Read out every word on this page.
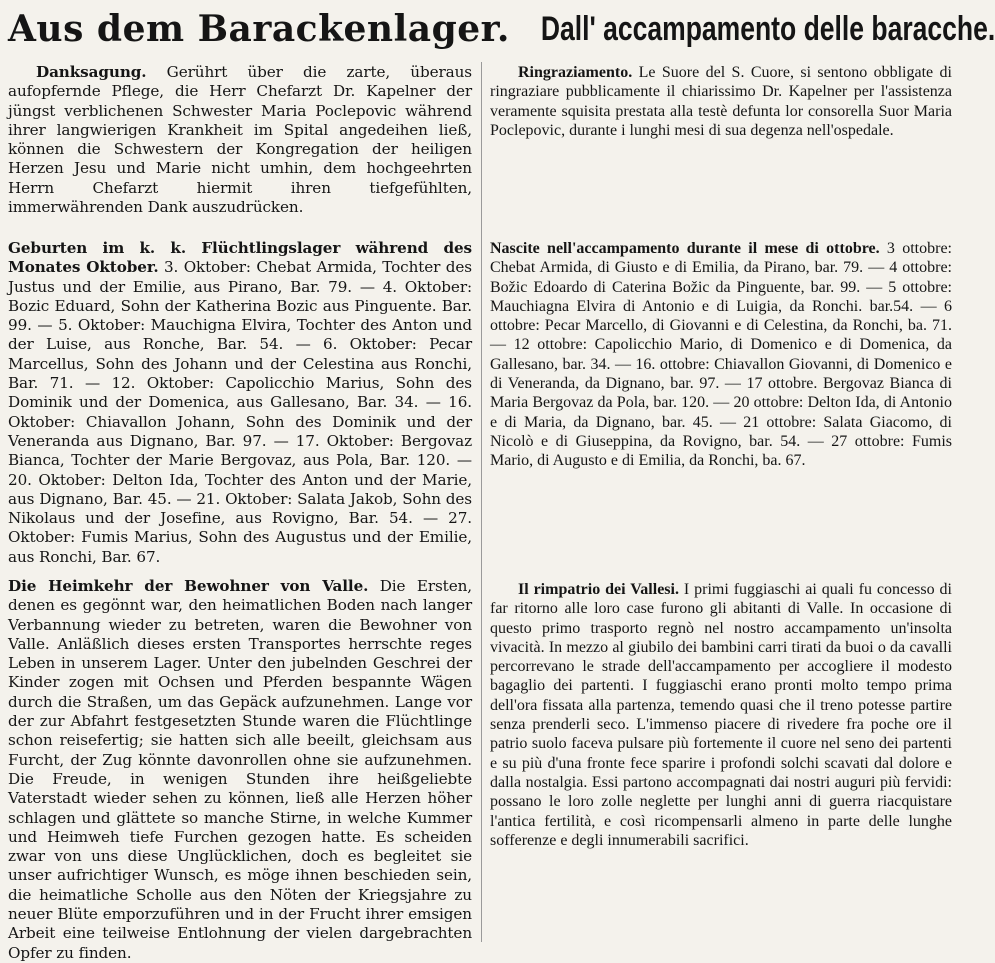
Aus dem Barackenlager.

Danksagung. Gerührt über die zarte, überaus aufopfernde Pflege, die Herr Chefarzt Dr. Kapelner der jüngst verblichenen Schwester Maria Poclepovic während ihrer langwierigen Krankheit im Spital angedeihen ließ, können die Schwestern der Kongregation der heiligen Herzen Jesu und Marie nicht umhin, dem hochgeehrten Herrn Chefarzt hiermit ihren tiefgefühlten, immerwährenden Dank auszudrücken.

Geburten im k. k. Flüchtlingslager während des Monates Oktober. 3. Oktober: Chebat Armida, Tochter des Justus und der Emilie, aus Pirano, Bar. 79. — 4. Oktober: Bozic Eduard, Sohn der Katherina Bozic aus Pinguente. Bar. 99. — 5. Oktober: Mauchigna Elvira, Tochter des Anton und der Luise, aus Ronche, Bar. 54. — 6. Oktober: Pecar Marcellus, Sohn des Johann und der Celestina aus Ronchi, Bar. 71. — 12. Oktober: Capolicchio Marius, Sohn des Dominik und der Domenica, aus Gallesano, Bar. 34. — 16. Oktober: Chiavallon Johann, Sohn des Dominik und der Veneranda aus Dignano, Bar. 97. — 17. Oktober: Bergovaz Bianca, Tochter der Marie Bergovaz, aus Pola, Bar. 120. — 20. Oktober: Delton Ida, Tochter des Anton und der Marie, aus Dignano, Bar. 45. — 21. Oktober: Salata Jakob, Sohn des Nikolaus und der Josefine, aus Rovigno, Bar. 54. — 27. Oktober: Fumis Marius, Sohn des Augustus und der Emilie, aus Ronchi, Bar. 67.

Die Heimkehr der Bewohner von Valle. Die Ersten, denen es gegönnt war, den heimatlichen Boden nach langer Verbannung wieder zu betreten, waren die Bewohner von Valle. Anläßlich dieses ersten Transportes herrschte reges Leben in unserem Lager. Unter den jubelnden Geschrei der Kinder zogen mit Ochsen und Pferden bespannte Wägen durch die Straßen, um das Gepäck aufzunehmen. Lange vor der zur Abfahrt festgesetzten Stunde waren die Flüchtlinge schon reisefertig; sie hatten sich alle beeilt, gleichsam aus Furcht, der Zug könnte davonrollen ohne sie aufzunehmen. Die Freude, in wenigen Stunden ihre heißgeliebte Vaterstadt wieder sehen zu können, ließ alle Herzen höher schlagen und glättete so manche Stirne, in welche Kummer und Heimweh tiefe Furchen gezogen hatte. Es scheiden zwar von uns diese Unglücklichen, doch es begleitet sie unser aufrichtiger Wunsch, es möge ihnen beschieden sein, die heimatliche Scholle aus den Nöten der Kriegsjahre zu neuer Blüte emporzuführen und in der Frucht ihrer emsigen Arbeit eine teilweise Entlohnung der vielen dargebrachten Opfer zu finden.

Dall' accampamento delle baracche.

Ringraziamento. Le Suore del S. Cuore, si sentono obbligate di ringraziare pubblicamente il chiarissimo Dr. Kapelner per l'assistenza veramente squisita prestata alla testè defunta lor consorella Suor Maria Poclepovic, durante i lunghi mesi di sua degenza nell'ospedale.

Nascite nell'accampamento durante il mese di ottobre. 3 ottobre: Chebat Armida, di Giusto e di Emilia, da Pirano, bar. 79. — 4 ottobre: Božic Edoardo di Caterina Božic da Pinguente, bar. 99. — 5 ottobre: Mauchiagna Elvira di Antonio e di Luigia, da Ronchi. bar.54. — 6 ottobre: Pecar Marcello, di Giovanni e di Celestina, da Ronchi, ba. 71. — 12 ottobre: Capolicchio Mario, di Domenico e di Domenica, da Gallesano, bar. 34. — 16. ottobre: Chiavallon Giovanni, di Domenico e di Veneranda, da Dignano, bar. 97. — 17 ottobre. Bergovaz Bianca di Maria Bergovaz da Pola, bar. 120. — 20 ottobre: Delton Ida, di Antonio e di Maria, da Dignano, bar. 45. — 21 ottobre: Salata Giacomo, di Nicolò e di Giuseppina, da Rovigno, bar. 54. — 27 ottobre: Fumis Mario, di Augusto e di Emilia, da Ronchi, ba. 67.

Il rimpatrio dei Vallesi. I primi fuggiaschi ai quali fu concesso di far ritorno alle loro case furono gli abitanti di Valle. In occasione di questo primo trasporto regnò nel nostro accampamento un'insolta vivacità. In mezzo al giubilo dei bambini carri tirati da buoi o da cavalli percorrevano le strade dell'accampamento per accogliere il modesto bagaglio dei partenti. I fuggiaschi erano pronti molto tempo prima dell'ora fissata alla partenza, temendo quasi che il treno potesse partire senza prenderli seco. L'immenso piacere di rivedere fra poche ore il patrio suolo faceva pulsare più fortemente il cuore nel seno dei partenti e su più d'una fronte fece sparire i profondi solchi scavati dal dolore e dalla nostalgia. Essi partono accompagnati dai nostri auguri più fervidi: possano le loro zolle neglette per lunghi anni di guerra riacquistare l'antica fertilità, e così ricompensarli almeno in parte delle lunghe sofferenze e degli innumerabili sacrifici.
